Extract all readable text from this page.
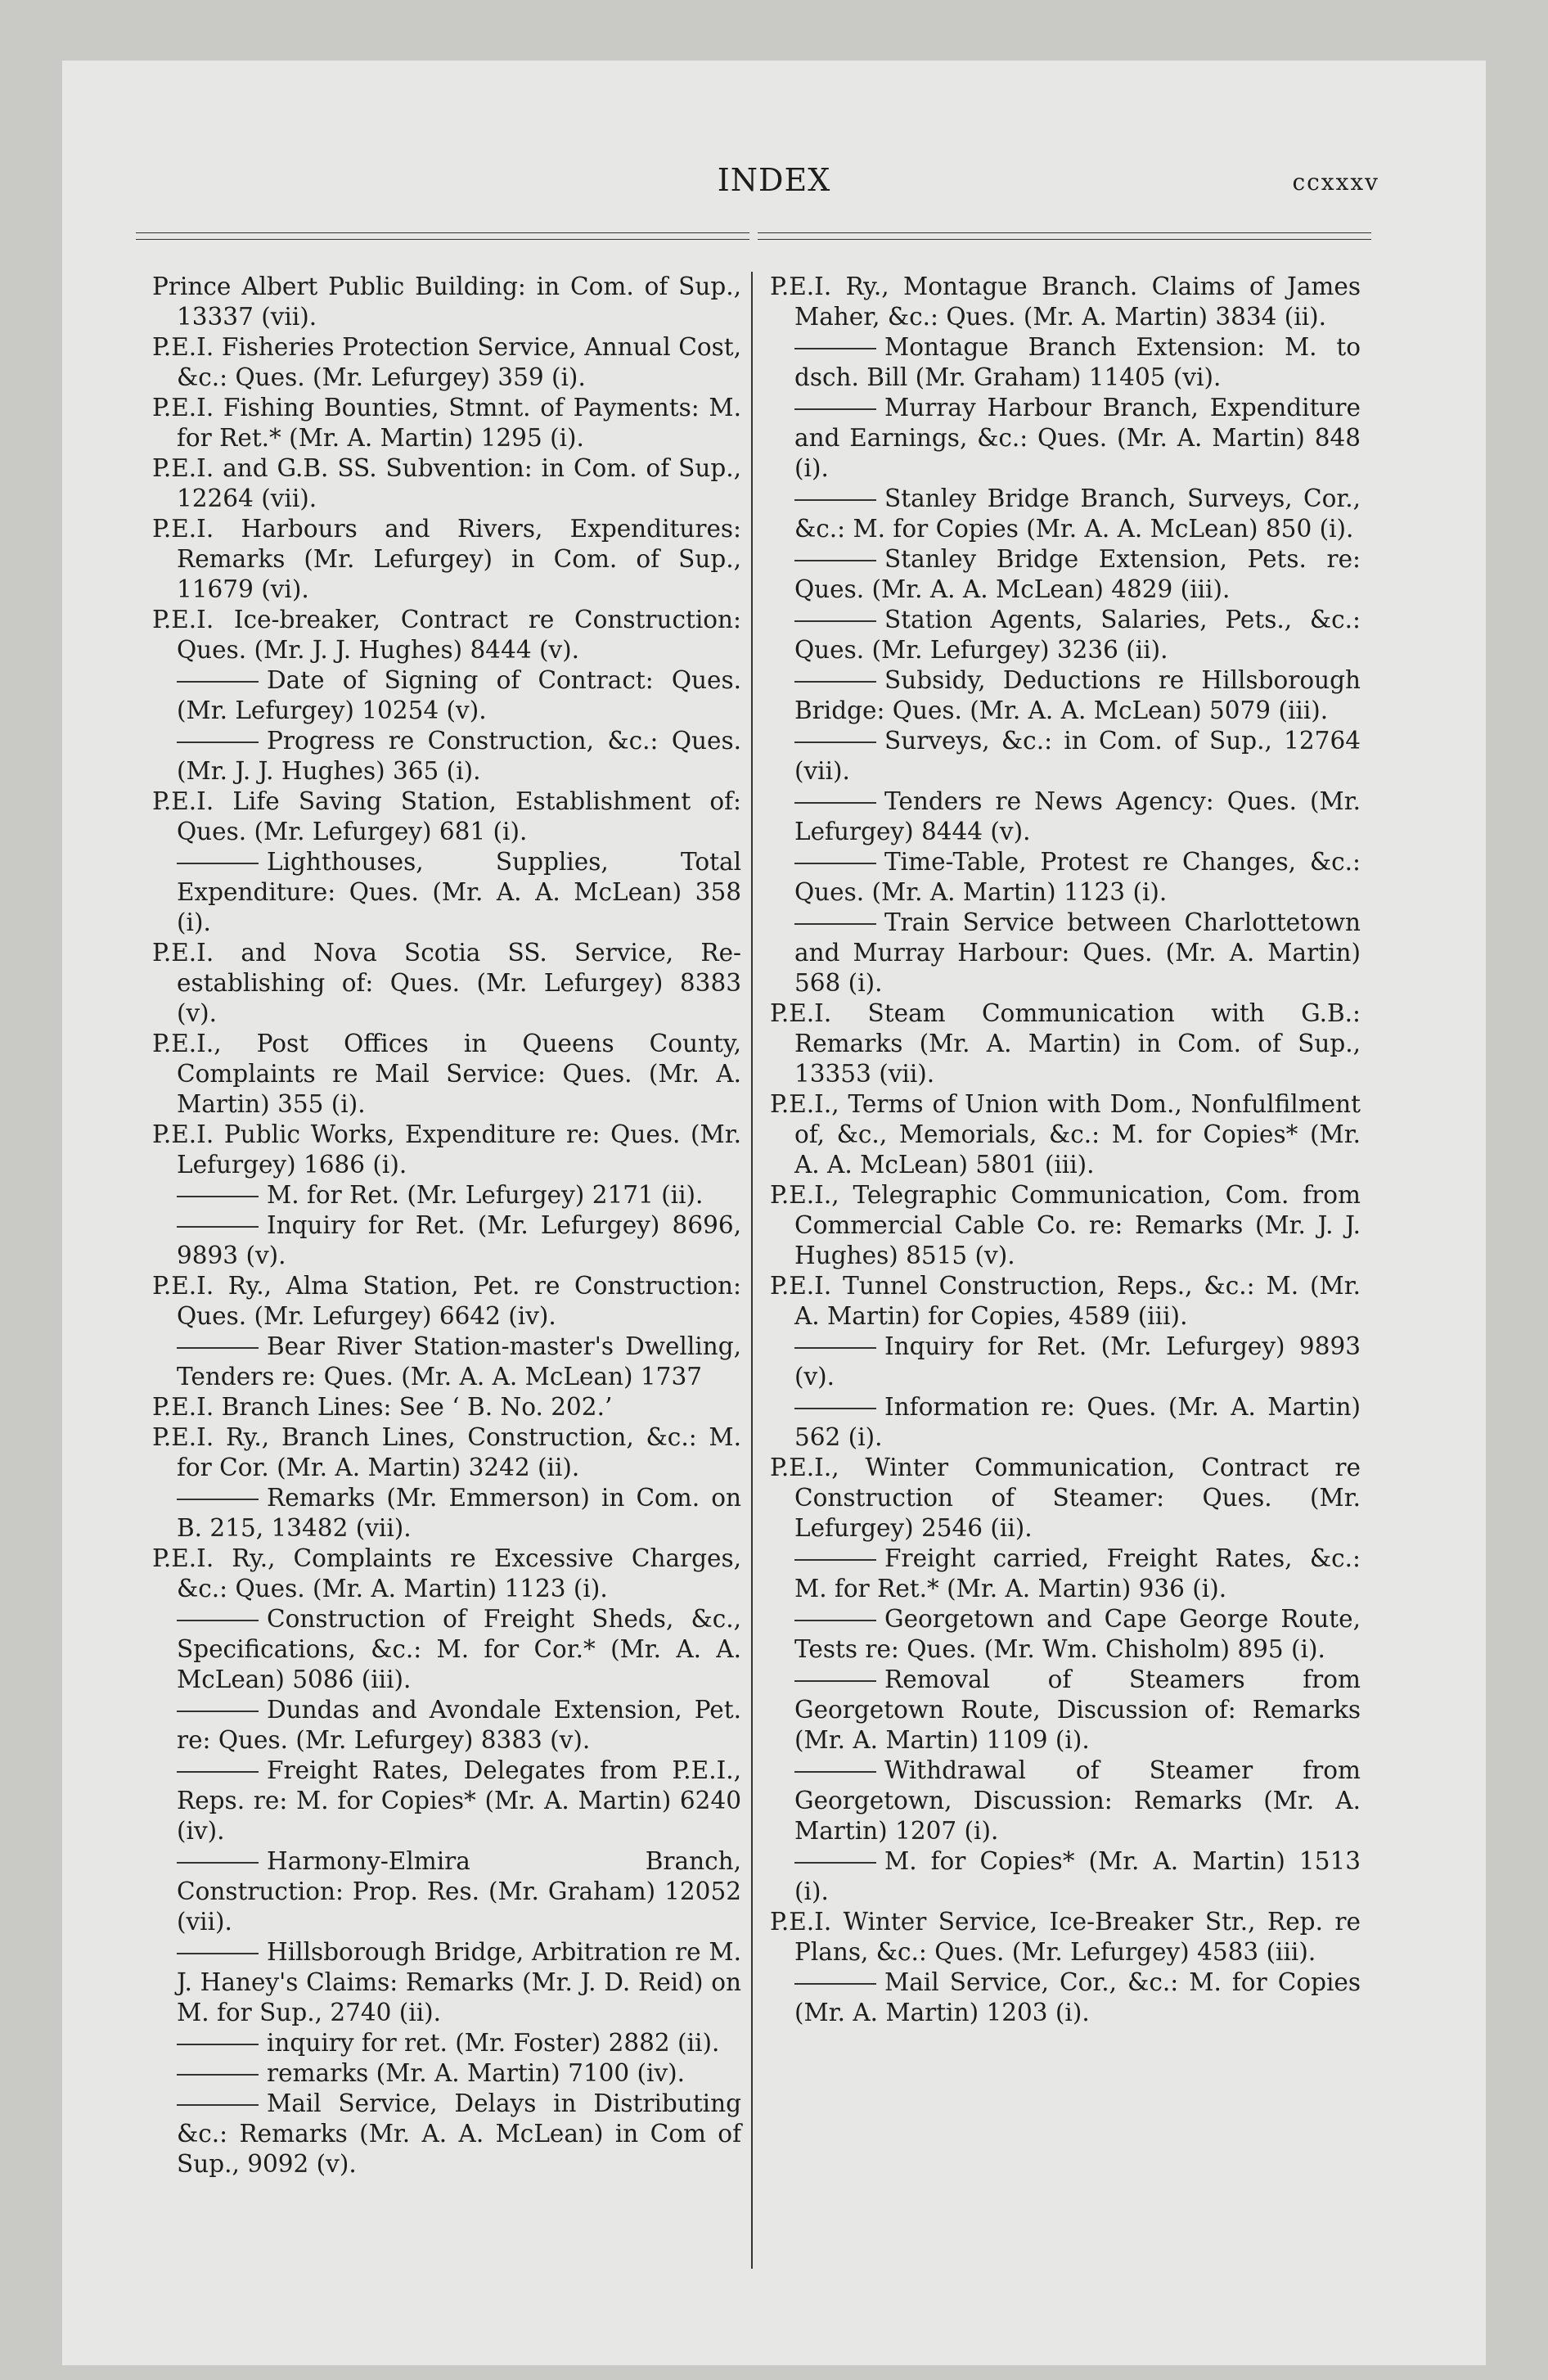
INDEX	ccxxxv

Prince Albert Public Building: in Com. of Sup., 13337 (vii).

P.E.I. Fisheries Protection Service, Annual Cost, &c.: Ques. (Mr. Lefurgey) 359 (i).

P.E.I. Fishing Bounties, Stmnt. of Payments: M. for Ret.* (Mr. A. Martin) 1295 (i).

P.E.I. and G.B. SS. Subvention: in Com. of Sup., 12264 (vii).

P.E.I. Harbours and Rivers, Expenditures: Remarks (Mr. Lefurgey) in Com. of Sup., 11679 (vi).

P.E.I. Ice-breaker, Contract re Construction: Ques. (Mr. J. J. Hughes) 8444 (v).

Date of Signing of Contract: Ques. (Mr. Lefurgey) 10254 (v).

Progress re Construction, &c.: Ques. (Mr. J. J. Hughes) 365 (i).

P.E.I. Life Saving Station, Establishment of: Ques. (Mr. Lefurgey) 681 (i).

Lighthouses, Supplies, Total Expenditure: Ques. (Mr. A. A. McLean) 358 (i).

P.E.I. and Nova Scotia SS. Service, Re-establishing of: Ques. (Mr. Lefurgey) 8383 (v).

P.E.I., Post Offices in Queens County, Complaints re Mail Service: Ques. (Mr. A. Martin) 355 (i).

P.E.I. Public Works, Expenditure re: Ques. (Mr. Lefurgey) 1686 (i).

M. for Ret. (Mr. Lefurgey) 2171 (ii).

Inquiry for Ret. (Mr. Lefurgey) 8696, 9893 (v).

P.E.I. Ry., Alma Station, Pet. re Construction: Ques. (Mr. Lefurgey) 6642 (iv).

Bear River Station-master's Dwelling, Tenders re: Ques. (Mr. A. A. McLean) 1737

P.E.I. Branch Lines: See ‘ B. No. 202.’

P.E.I. Ry., Branch Lines, Construction, &c.: M. for Cor. (Mr. A. Martin) 3242 (ii).

Remarks (Mr. Emmerson) in Com. on B. 215, 13482 (vii).

P.E.I. Ry., Complaints re Excessive Charges, &c.: Ques. (Mr. A. Martin) 1123 (i).

Construction of Freight Sheds, &c., Specifications, &c.: M. for Cor.* (Mr. A. A. McLean) 5086 (iii).

Dundas and Avondale Extension, Pet. re: Ques. (Mr. Lefurgey) 8383 (v).

Freight Rates, Delegates from P.E.I., Reps. re: M. for Copies* (Mr. A. Martin) 6240 (iv).

Harmony-Elmira Branch, Construction: Prop. Res. (Mr. Graham) 12052 (vii).

Hillsborough Bridge, Arbitration re M. J. Haney's Claims: Remarks (Mr. J. D. Reid) on M. for Sup., 2740 (ii).

inquiry for ret. (Mr. Foster) 2882 (ii).

remarks (Mr. A. Martin) 7100 (iv).

Mail Service, Delays in Distributing &c.: Remarks (Mr. A. A. McLean) in Com of Sup., 9092 (v).

P.E.I. Ry., Montague Branch. Claims of James Maher, &c.: Ques. (Mr. A. Martin) 3834 (ii).

Montague Branch Extension: M. to dsch. Bill (Mr. Graham) 11405 (vi).

Murray Harbour Branch, Expenditure and Earnings, &c.: Ques. (Mr. A. Martin) 848 (i).

Stanley Bridge Branch, Surveys, Cor., &c.: M. for Copies (Mr. A. A. McLean) 850 (i).

Stanley Bridge Extension, Pets. re: Ques. (Mr. A. A. McLean) 4829 (iii).

Station Agents, Salaries, Pets., &c.: Ques. (Mr. Lefurgey) 3236 (ii).

Subsidy, Deductions re Hillsborough Bridge: Ques. (Mr. A. A. McLean) 5079 (iii).

Surveys, &c.: in Com. of Sup., 12764 (vii).

Tenders re News Agency: Ques. (Mr. Lefurgey) 8444 (v).

Time-Table, Protest re Changes, &c.: Ques. (Mr. A. Martin) 1123 (i).

Train Service between Charlottetown and Murray Harbour: Ques. (Mr. A. Martin) 568 (i).

P.E.I. Steam Communication with G.B.: Remarks (Mr. A. Martin) in Com. of Sup., 13353 (vii).

P.E.I., Terms of Union with Dom., Nonfulfilment of, &c., Memorials, &c.: M. for Copies* (Mr. A. A. McLean) 5801 (iii).

P.E.I., Telegraphic Communication, Com. from Commercial Cable Co. re: Remarks (Mr. J. J. Hughes) 8515 (v).

P.E.I. Tunnel Construction, Reps., &c.: M. (Mr. A. Martin) for Copies, 4589 (iii).

Inquiry for Ret. (Mr. Lefurgey) 9893 (v).

Information re: Ques. (Mr. A. Martin) 562 (i).

P.E.I., Winter Communication, Contract re Construction of Steamer: Ques. (Mr. Lefurgey) 2546 (ii).

Freight carried, Freight Rates, &c.: M. for Ret.* (Mr. A. Martin) 936 (i).

Georgetown and Cape George Route, Tests re: Ques. (Mr. Wm. Chisholm) 895 (i).

Removal of Steamers from Georgetown Route, Discussion of: Remarks (Mr. A. Martin) 1109 (i).

Withdrawal of Steamer from Georgetown, Discussion: Remarks (Mr. A. Martin) 1207 (i).

M. for Copies* (Mr. A. Martin) 1513 (i).

P.E.I. Winter Service, Ice-Breaker Str., Rep. re Plans, &c.: Ques. (Mr. Lefurgey) 4583 (iii).

Mail Service, Cor., &c.: M. for Copies (Mr. A. Martin) 1203 (i).
